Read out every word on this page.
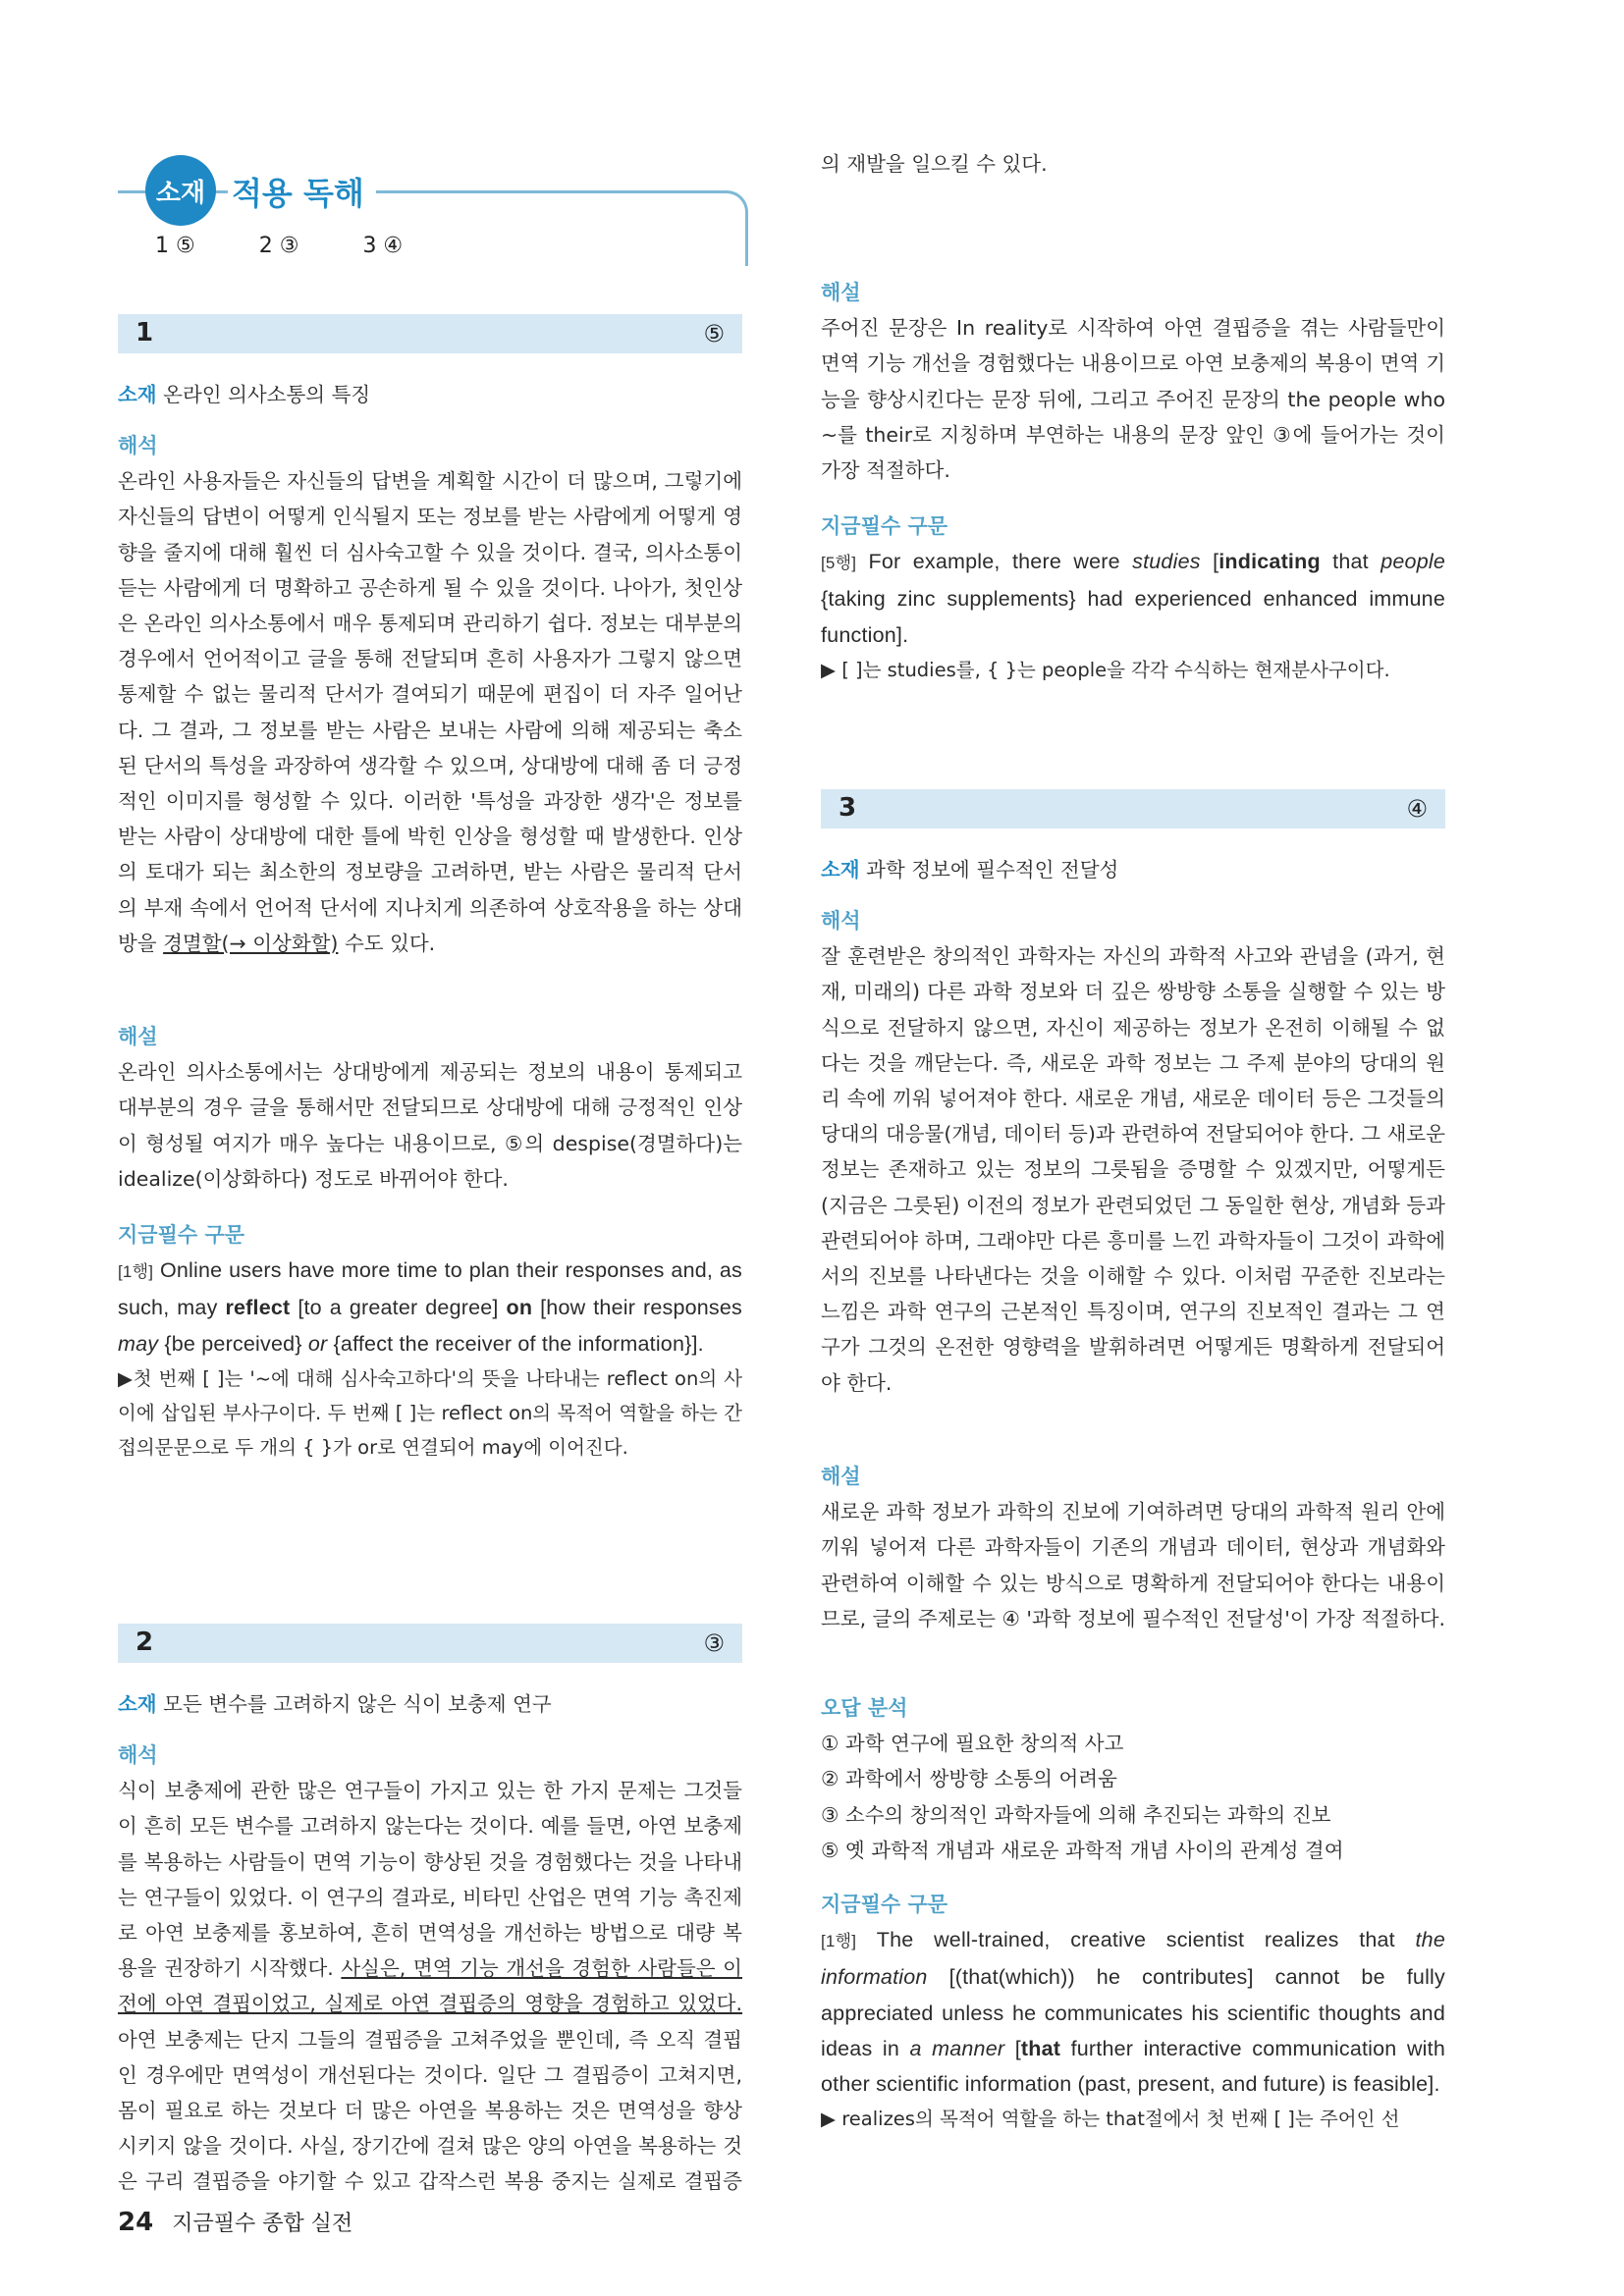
소재 적용 독해
1 ⑤	2 ③	3 ④
1	⑤
소재 온라인 의사소통의 특징

해석

온라인 사용자들은 자신들의 답변을 계획할 시간이 더 많으며, 그렇기에 자신들의 답변이 어떻게 인식될지 또는 정보를 받는 사람에게 어떻게 영향을 줄지에 대해 훨씬 더 심사숙고할 수 있을 것이다. 결국, 의사소통이 듣는 사람에게 더 명확하고 공손하게 될 수 있을 것이다. 나아가, 첫인상은 온라인 의사소통에서 매우 통제되며 관리하기 쉽다. 정보는 대부분의 경우에서 언어적이고 글을 통해 전달되며 흔히 사용자가 그렇지 않으면 통제할 수 없는 물리적 단서가 결여되기 때문에 편집이 더 자주 일어난다. 그 결과, 그 정보를 받는 사람은 보내는 사람에 의해 제공되는 축소된 단서의 특성을 과장하여 생각할 수 있으며, 상대방에 대해 좀 더 긍정적인 이미지를 형성할 수 있다. 이러한 '특성을 과장한 생각'은 정보를 받는 사람이 상대방에 대한 틀에 박힌 인상을 형성할 때 발생한다. 인상의 토대가 되는 최소한의 정보량을 고려하면, 받는 사람은 물리적 단서의 부재 속에서 언어적 단서에 지나치게 의존하여 상호작용을 하는 상대방을 경멸할(→ 이상화할) 수도 있다.

해설

온라인 의사소통에서는 상대방에게 제공되는 정보의 내용이 통제되고 대부분의 경우 글을 통해서만 전달되므로 상대방에 대해 긍정적인 인상이 형성될 여지가 매우 높다는 내용이므로, ⑤의 despise(경멸하다)는 idealize(이상화하다) 정도로 바뀌어야 한다.

지금필수 구문

[1행] Online users have more time to plan their responses and, as such, may reflect [to a greater degree] on [how their responses may {be perceived} or {affect the receiver of the information}].

▶첫 번째 [ ]는 '~에 대해 심사숙고하다'의 뜻을 나타내는 reflect on의 사이에 삽입된 부사구이다. 두 번째 [ ]는 reflect on의 목적어 역할을 하는 간접의문문으로 두 개의 { }가 or로 연결되어 may에 이어진다.

2	③
소재 모든 변수를 고려하지 않은 식이 보충제 연구

해석

식이 보충제에 관한 많은 연구들이 가지고 있는 한 가지 문제는 그것들이 흔히 모든 변수를 고려하지 않는다는 것이다. 예를 들면, 아연 보충제를 복용하는 사람들이 면역 기능이 향상된 것을 경험했다는 것을 나타내는 연구들이 있었다. 이 연구의 결과로, 비타민 산업은 면역 기능 촉진제로 아연 보충제를 홍보하여, 흔히 면역성을 개선하는 방법으로 대량 복용을 권장하기 시작했다. 사실은, 면역 기능 개선을 경험한 사람들은 이전에 아연 결핍이었고, 실제로 아연 결핍증의 영향을 경험하고 있었다. 아연 보충제는 단지 그들의 결핍증을 고쳐주었을 뿐인데, 즉 오직 결핍인 경우에만 면역성이 개선된다는 것이다. 일단 그 결핍증이 고쳐지면, 몸이 필요로 하는 것보다 더 많은 아연을 복용하는 것은 면역성을 향상시키지 않을 것이다. 사실, 장기간에 걸쳐 많은 양의 아연을 복용하는 것은 구리 결핍증을 야기할 수 있고 갑작스런 복용 중지는 실제로 결핍증

의 재발을 일으킬 수 있다.

해설

주어진 문장은 In reality로 시작하여 아연 결핍증을 겪는 사람들만이 면역 기능 개선을 경험했다는 내용이므로 아연 보충제의 복용이 면역 기능을 향상시킨다는 문장 뒤에, 그리고 주어진 문장의 the people who ~를 their로 지칭하며 부연하는 내용의 문장 앞인 ③에 들어가는 것이 가장 적절하다.

지금필수 구문

[5행] For example, there were studies [indicating that people {taking zinc supplements} had experienced enhanced immune function].

▶ [ ]는 studies를, { }는 people을 각각 수식하는 현재분사구이다.

3	④
소재 과학 정보에 필수적인 전달성

해석

잘 훈련받은 창의적인 과학자는 자신의 과학적 사고와 관념을 (과거, 현재, 미래의) 다른 과학 정보와 더 깊은 쌍방향 소통을 실행할 수 있는 방식으로 전달하지 않으면, 자신이 제공하는 정보가 온전히 이해될 수 없다는 것을 깨닫는다. 즉, 새로운 과학 정보는 그 주제 분야의 당대의 원리 속에 끼워 넣어져야 한다. 새로운 개념, 새로운 데이터 등은 그것들의 당대의 대응물(개념, 데이터 등)과 관련하여 전달되어야 한다. 그 새로운 정보는 존재하고 있는 정보의 그릇됨을 증명할 수 있겠지만, 어떻게든 (지금은 그릇된) 이전의 정보가 관련되었던 그 동일한 현상, 개념화 등과 관련되어야 하며, 그래야만 다른 흥미를 느낀 과학자들이 그것이 과학에서의 진보를 나타낸다는 것을 이해할 수 있다. 이처럼 꾸준한 진보라는 느낌은 과학 연구의 근본적인 특징이며, 연구의 진보적인 결과는 그 연구가 그것의 온전한 영향력을 발휘하려면 어떻게든 명확하게 전달되어야 한다.

해설

새로운 과학 정보가 과학의 진보에 기여하려면 당대의 과학적 원리 안에 끼워 넣어져 다른 과학자들이 기존의 개념과 데이터, 현상과 개념화와 관련하여 이해할 수 있는 방식으로 명확하게 전달되어야 한다는 내용이므로, 글의 주제로는 ④ '과학 정보에 필수적인 전달성'이 가장 적절하다.

오답 분석

① 과학 연구에 필요한 창의적 사고

② 과학에서 쌍방향 소통의 어려움

③ 소수의 창의적인 과학자들에 의해 추진되는 과학의 진보

⑤ 옛 과학적 개념과 새로운 과학적 개념 사이의 관계성 결여

지금필수 구문

[1행] The well-trained, creative scientist realizes that the information [(that(which)) he contributes] cannot be fully appreciated unless he communicates his scientific thoughts and ideas in a manner [that further interactive communication with other scientific information (past, present, and future) is feasible].

▶ realizes의 목적어 역할을 하는 that절에서 첫 번째 [ ]는 주어인 선

24 지금필수 종합 실전
